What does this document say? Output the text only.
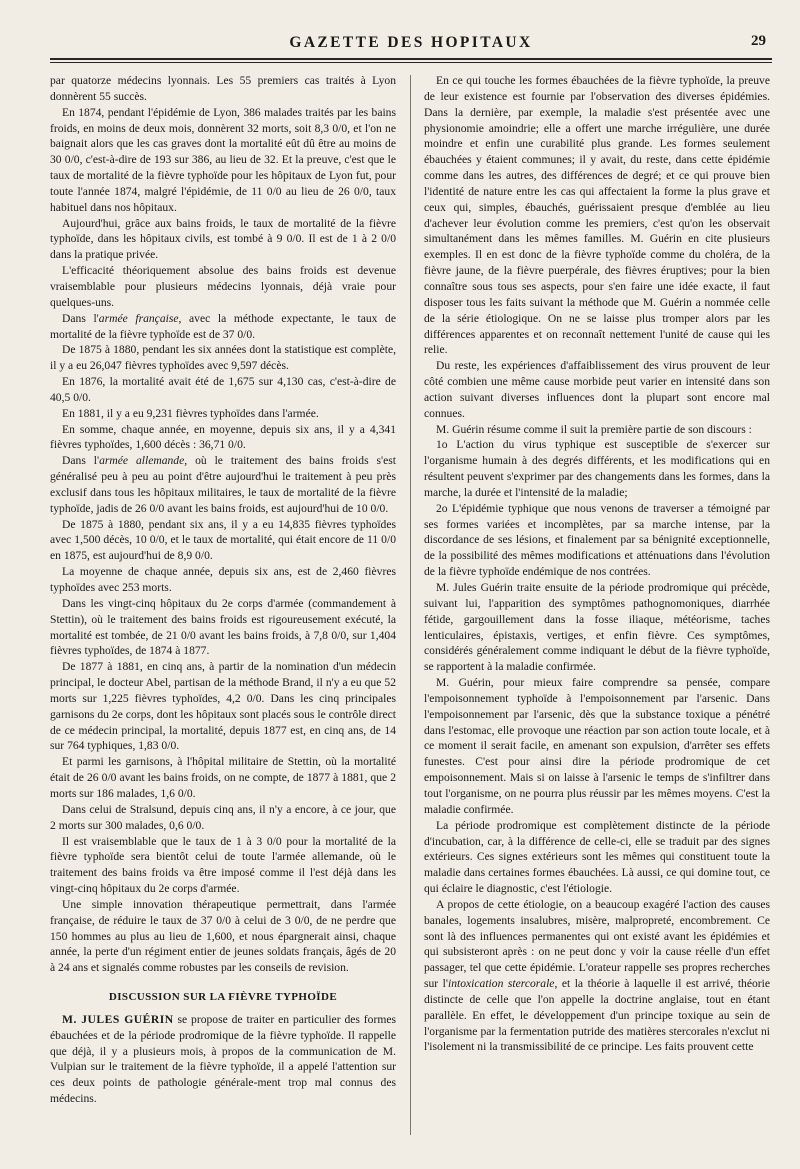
GAZETTE DES HOPITAUX	29

par quatorze médecins lyonnais. Les 55 premiers cas traités à Lyon donnèrent 55 succès.

En 1874, pendant l'épidémie de Lyon, 386 malades traités par les bains froids, en moins de deux mois, donnèrent 32 morts, soit 8,3 0/0, et l'on ne baignait alors que les cas graves dont la mortalité eût dû être au moins de 30 0/0, c'est-à-dire de 193 sur 386, au lieu de 32. Et la preuve, c'est que le taux de mortalité de la fièvre typhoïde pour les hôpitaux de Lyon fut, pour toute l'année 1874, malgré l'épidémie, de 11 0/0 au lieu de 26 0/0, taux habituel dans nos hôpitaux.

Aujourd'hui, grâce aux bains froids, le taux de mortalité de la fièvre typhoïde, dans les hôpitaux civils, est tombé à 9 0/0. Il est de 1 à 2 0/0 dans la pratique privée.

L'efficacité théoriquement absolue des bains froids est devenue vraisemblable pour plusieurs médecins lyonnais, déjà vraie pour quelques-uns.

Dans l'armée française, avec la méthode expectante, le taux de mortalité de la fièvre typhoïde est de 37 0/0.

De 1875 à 1880, pendant les six années dont la statistique est complète, il y a eu 26,047 fièvres typhoïdes avec 9,597 décès.

En 1876, la mortalité avait été de 1,675 sur 4,130 cas, c'est-à-dire de 40,5 0/0.

En 1881, il y a eu 9,231 fièvres typhoïdes dans l'armée.

En somme, chaque année, en moyenne, depuis six ans, il y a 4,341 fièvres typhoïdes, 1,600 décès : 36,71 0/0.

Dans l'armée allemande, où le traitement des bains froids s'est généralisé peu à peu au point d'être aujourd'hui le traitement à peu près exclusif dans tous les hôpitaux militaires, le taux de mortalité de la fièvre typhoïde, jadis de 26 0/0 avant les bains froids, est aujourd'hui de 10 0/0.

De 1875 à 1880, pendant six ans, il y a eu 14,835 fièvres typhoïdes avec 1,500 décès, 10 0/0, et le taux de mortalité, qui était encore de 11 0/0 en 1875, est aujourd'hui de 8,9 0/0.

La moyenne de chaque année, depuis six ans, est de 2,460 fièvres typhoïdes avec 253 morts.

Dans les vingt-cinq hôpitaux du 2e corps d'armée (commandement à Stettin), où le traitement des bains froids est rigoureusement exécuté, la mortalité est tombée, de 21 0/0 avant les bains froids, à 7,8 0/0, sur 1,404 fièvres typhoïdes, de 1874 à 1877.

De 1877 à 1881, en cinq ans, à partir de la nomination d'un médecin principal, le docteur Abel, partisan de la méthode Brand, il n'y a eu que 52 morts sur 1,225 fièvres typhoïdes, 4,2 0/0. Dans les cinq principales garnisons du 2e corps, dont les hôpitaux sont placés sous le contrôle direct de ce médecin principal, la mortalité, depuis 1877 est, en cinq ans, de 14 sur 764 typhiques, 1,83 0/0.

Et parmi les garnisons, à l'hôpital militaire de Stettin, où la mortalité était de 26 0/0 avant les bains froids, on ne compte, de 1877 à 1881, que 2 morts sur 186 malades, 1,6 0/0.

Dans celui de Stralsund, depuis cinq ans, il n'y a encore, à ce jour, que 2 morts sur 300 malades, 0,6 0/0.

Il est vraisemblable que le taux de 1 à 3 0/0 pour la mortalité de la fièvre typhoïde sera bientôt celui de toute l'armée allemande, où le traitement des bains froids va être imposé comme il l'est déjà dans les vingt-cinq hôpitaux du 2e corps d'armée.

Une simple innovation thérapeutique permettrait, dans l'armée française, de réduire le taux de 37 0/0 à celui de 3 0/0, de ne perdre que 150 hommes au plus au lieu de 1,600, et nous épargnerait ainsi, chaque année, la perte d'un régiment entier de jeunes soldats français, âgés de 20 à 24 ans et signalés comme robustes par les conseils de revision.

DISCUSSION SUR LA FIÈVRE TYPHOÏDE

M. JULES GUÉRIN se propose de traiter en particulier des formes ébauchées et de la période prodromique de la fièvre typhoïde. Il rappelle que déjà, il y a plusieurs mois, à propos de la communication de M. Vulpian sur le traitement de la fièvre typhoïde, il a appelé l'attention sur ces deux points de pathologie générale-ment trop mal connus des médecins.

En ce qui touche les formes ébauchées de la fièvre typhoïde, la preuve de leur existence est fournie par l'observation des diverses épidémies. Dans la dernière, par exemple, la maladie s'est présentée avec une physionomie amoindrie; elle a offert une marche irrégulière, une durée moindre et enfin une curabilité plus grande. Les formes seulement ébauchées y étaient communes; il y avait, du reste, dans cette épidémie comme dans les autres, des différences de degré; et ce qui prouve bien l'identité de nature entre les cas qui affectaient la forme la plus grave et ceux qui, simples, ébauchés, guérissaient presque d'emblée au lieu d'achever leur évolution comme les premiers, c'est qu'on les observait simultanément dans les mêmes familles. M. Guérin en cite plusieurs exemples. Il en est donc de la fièvre typhoïde comme du choléra, de la fièvre jaune, de la fièvre puerpérale, des fièvres éruptives; pour la bien connaître sous tous ses aspects, pour s'en faire une idée exacte, il faut disposer tous les faits suivant la méthode que M. Guérin a nommée celle de la série étiologique. On ne se laisse plus tromper alors par les différences apparentes et on reconnaît nettement l'unité de cause qui les relie.

Du reste, les expériences d'affaiblissement des virus prouvent de leur côté combien une même cause morbide peut varier en intensité dans son action suivant diverses influences dont la plupart sont encore mal connues.

M. Guérin résume comme il suit la première partie de son discours :

1o L'action du virus typhique est susceptible de s'exercer sur l'organisme humain à des degrés différents, et les modifications qui en résultent peuvent s'exprimer par des changements dans les formes, dans la marche, la durée et l'intensité de la maladie;

2o L'épidémie typhique que nous venons de traverser a témoigné par ses formes variées et incomplètes, par sa marche intense, par la discordance de ses lésions, et finalement par sa bénignité exceptionnelle, de la possibilité des mêmes modifications et atténuations dans l'évolution de la fièvre typhoïde endémique de nos contrées.

M. Jules Guérin traite ensuite de la période prodromique qui précède, suivant lui, l'apparition des symptômes pathognomoniques, diarrhée fétide, gargouillement dans la fosse iliaque, météorisme, taches lenticulaires, épistaxis, vertiges, et enfin fièvre. Ces symptômes, considérés généralement comme indiquant le début de la fièvre typhoïde, se rapportent à la maladie confirmée.

M. Guérin, pour mieux faire comprendre sa pensée, compare l'empoisonnement typhoïde à l'empoisonnement par l'arsenic. Dans l'empoisonnement par l'arsenic, dès que la substance toxique a pénétré dans l'estomac, elle provoque une réaction par son action toute locale, et à ce moment il serait facile, en amenant son expulsion, d'arrêter ses effets funestes. C'est pour ainsi dire la période prodromique de cet empoisonnement. Mais si on laisse à l'arsenic le temps de s'infiltrer dans tout l'organisme, on ne pourra plus réussir par les mêmes moyens. C'est la maladie confirmée.

La période prodromique est complètement distincte de la période d'incubation, car, à la différence de celle-ci, elle se traduit par des signes extérieurs. Ces signes extérieurs sont les mêmes qui constituent toute la maladie dans certaines formes ébauchées. Là aussi, ce qui domine tout, ce qui éclaire le diagnostic, c'est l'étiologie.

A propos de cette étiologie, on a beaucoup exagéré l'action des causes banales, logements insalubres, misère, malpropreté, encombrement. Ce sont là des influences permanentes qui ont existé avant les épidémies et qui subsisteront après : on ne peut donc y voir la cause réelle d'un effet passager, tel que cette épidémie. L'orateur rappelle ses propres recherches sur l'intoxication stercorale, et la théorie à laquelle il est arrivé, théorie distincte de celle que l'on appelle la doctrine anglaise, tout en étant parallèle. En effet, le développement d'un principe toxique au sein de l'organisme par la fermentation putride des matières stercorales n'exclut ni l'isolement ni la transmissibilité de ce principe. Les faits prouvent cette
